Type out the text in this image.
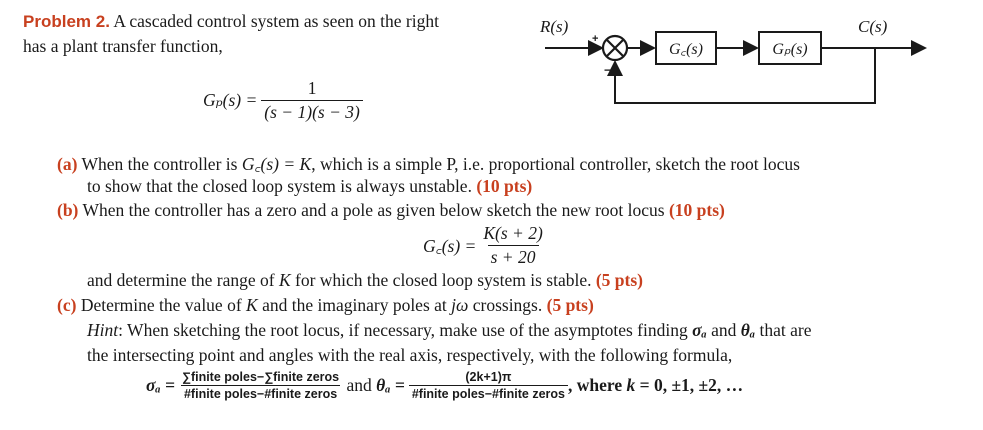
Problem 2. A cascaded control system as seen on the right
has a plant transfer function,
$G_p(s) = \frac{1}{(s - 1)(s - 3)}$
R(s)	C(s)
G꜀(s)	Gₚ(s)
+
−
(a) When the controller is G꜀(s) = K, which is a simple P, i.e. proportional controller, sketch the root locus
to show that the closed loop system is always unstable. (10 pts)
(b) When the controller has a zero and a pole as given below sketch the new root locus (10 pts)
G꜀(s) = $\frac{K(s + 2)}{s + 20}$
and determine the range of K for which the closed loop system is stable. (5 pts)
(c) Determine the value of K and the imaginary poles at jω crossings. (5 pts)
Hint: When sketching the root locus, if necessary, make use of the asymptotes finding σₐ and θₐ that are
the intersecting point and angles with the real axis, respectively, with the following formula,
$\sigma_a = \frac{\text{∑finite poles−∑finite zeros}}{\text{\#finite poles−\#finite zeros}}$ and $\theta_a = \frac{(2k+1)\pi}{\text{\#finite poles−\#finite zeros}}$ , where k = 0, ±1, ±2, …
